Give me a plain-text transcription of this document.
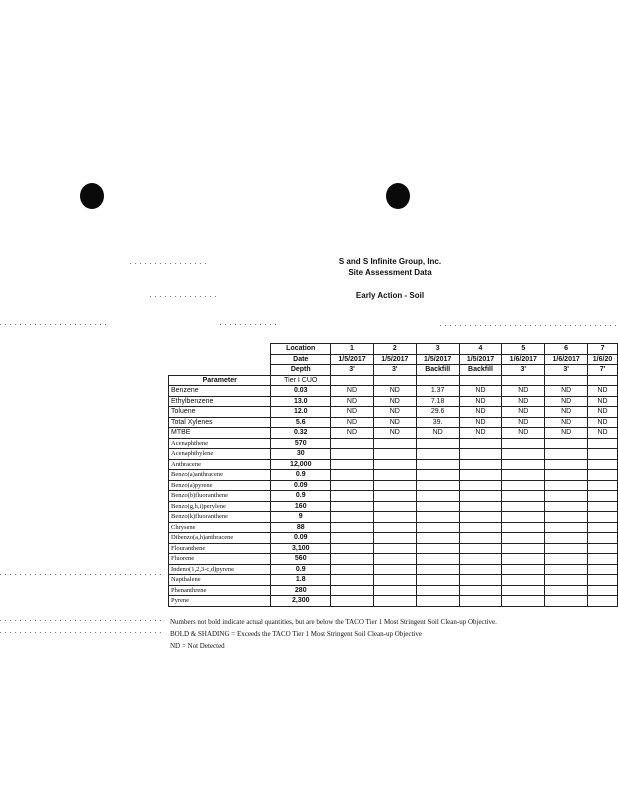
S and S Infinite Group, Inc.
Site Assessment Data
Early Action - Soil
	Location	1	2	3	4	5	6	7
	Date	1/5/2017	1/5/2017	1/5/2017	1/5/2017	1/6/2017	1/6/2017	1/6/20
	Depth	3'	3'	Backfill	Backfill	3'	3'	7'
Parameter	Tier I CUO							
Benzene	0.03	ND	ND	1.37	ND	ND	ND	ND
Ethylbenzene	13.0	ND	ND	7.18	ND	ND	ND	ND
Toluene	12.0	ND	ND	29.6	ND	ND	ND	ND
Total Xylenes	5.6	ND	ND	39.	ND	ND	ND	ND
MTBE	0.32	ND	ND	ND	ND	ND	ND	ND
Acenaphthene	570							
Acenaphthylene	30							
Anthracene	12,000							
Benzo(a)anthracene	0.9							
Benzo(a)pyrene	0.09							
Benzo(b)fluoranthene	0.9							
Benzo(g,h,i)perylene	160							
Benzo(k)fluoranthene	9							
Chrysene	88							
Dibenzo(a,h)anthracene	0.09							
Flouranthene	3,100							
Fluorene	560							
Indeno(1,2,3-c,d)pyrene	0.9							
Napthalene	1.8							
Phenanthrene	280							
Pyrene	2,300							
Numbers not bold indicate actual quantities, but are below the TACO Tier 1 Most Stringent Soil Clean-up Objective.
BOLD & SHADING = Exceeds the TACO Tier 1 Most Stringent Soil Clean-up Objective
ND = Not Detected
